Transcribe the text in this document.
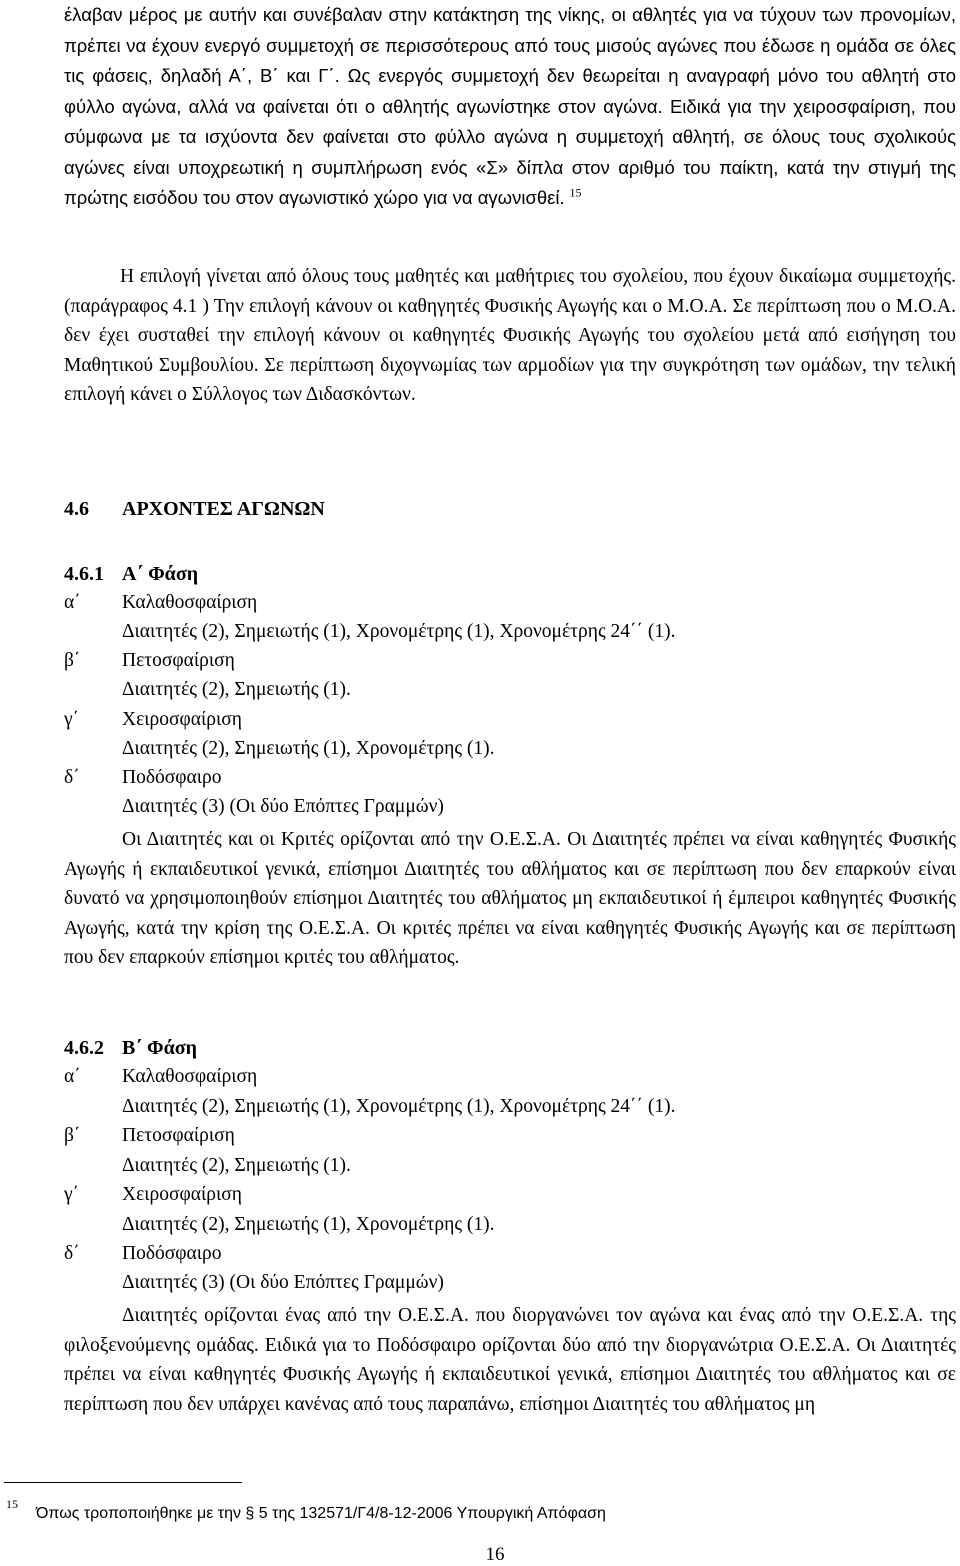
έλαβαν μέρος με αυτήν και συνέβαλαν στην κατάκτηση της νίκης, οι αθλητές για να τύχουν των προνομίων, πρέπει να έχουν ενεργό συμμετοχή σε περισσότερους από τους μισούς αγώνες που έδωσε η ομάδα σε όλες τις φάσεις, δηλαδή Α΄, Β΄ και Γ΄. Ως ενεργός συμμετοχή δεν θεωρείται η αναγραφή μόνο του αθλητή στο φύλλο αγώνα, αλλά να φαίνεται ότι ο αθλητής αγωνίστηκε στον αγώνα. Ειδικά για την χειροσφαίριση, που σύμφωνα με τα ισχύοντα δεν φαίνεται στο φύλλο αγώνα η συμμετοχή αθλητή, σε όλους τους σχολικούς αγώνες είναι υποχρεωτική η συμπλήρωση ενός «Σ» δίπλα στον αριθμό του παίκτη, κατά την στιγμή της πρώτης εισόδου του στον αγωνιστικό χώρο για να αγωνισθεί. $^{15}$
Η επιλογή γίνεται από όλους τους μαθητές και μαθήτριες του σχολείου, που έχουν δικαίωμα συμμετοχής. (παράγραφος 4.1 ) Την επιλογή κάνουν οι καθηγητές Φυσικής Αγωγής και ο Μ.Ο.Α. Σε περίπτωση που ο Μ.Ο.Α. δεν έχει συσταθεί την επιλογή κάνουν οι καθηγητές Φυσικής Αγωγής του σχολείου μετά από εισήγηση του Μαθητικού Συμβουλίου. Σε περίπτωση διχογνωμίας των αρμοδίων για την συγκρότηση των ομάδων, την τελική επιλογή κάνει ο Σύλλογος των Διδασκόντων.
4.6 ΑΡΧΟΝΤΕΣ ΑΓΩΝΩΝ
4.6.1 Α΄ Φάση
α΄ Καλαθοσφαίριση
Διαιτητές (2), Σημειωτής (1), Χρονομέτρης (1), Χρονομέτρης 24΄΄ (1).
β΄ Πετοσφαίριση
Διαιτητές (2), Σημειωτής (1).
γ΄ Χειροσφαίριση
Διαιτητές (2), Σημειωτής (1), Χρονομέτρης (1).
δ΄ Ποδόσφαιρο
Διαιτητές (3) (Οι δύο Επόπτες Γραμμών)
Οι Διαιτητές και οι Κριτές ορίζονται από την Ο.Ε.Σ.Α. Οι Διαιτητές πρέπει να είναι καθηγητές Φυσικής Αγωγής ή εκπαιδευτικοί γενικά, επίσημοι Διαιτητές του αθλήματος και σε περίπτωση που δεν επαρκούν είναι δυνατό να χρησιμοποιηθούν επίσημοι Διαιτητές του αθλήματος μη εκπαιδευτικοί ή έμπειροι καθηγητές Φυσικής Αγωγής, κατά την κρίση της Ο.Ε.Σ.Α. Οι κριτές πρέπει να είναι καθηγητές Φυσικής Αγωγής και σε περίπτωση που δεν επαρκούν επίσημοι κριτές του αθλήματος.
4.6.2 Β΄ Φάση
α΄ Καλαθοσφαίριση
Διαιτητές (2), Σημειωτής (1), Χρονομέτρης (1), Χρονομέτρης 24΄΄ (1).
β΄ Πετοσφαίριση
Διαιτητές (2), Σημειωτής (1).
γ΄ Χειροσφαίριση
Διαιτητές (2), Σημειωτής (1), Χρονομέτρης (1).
δ΄ Ποδόσφαιρο
Διαιτητές (3) (Οι δύο Επόπτες Γραμμών)
Διαιτητές ορίζονται ένας από την Ο.Ε.Σ.Α. που διοργανώνει τον αγώνα και ένας από την Ο.Ε.Σ.Α. της φιλοξενούμενης ομάδας. Ειδικά για το Ποδόσφαιρο ορίζονται δύο από την διοργανώτρια Ο.Ε.Σ.Α. Οι Διαιτητές πρέπει να είναι καθηγητές Φυσικής Αγωγής ή εκπαιδευτικοί γενικά, επίσημοι Διαιτητές του αθλήματος και σε περίπτωση που δεν υπάρχει κανένας από τους παραπάνω, επίσημοι Διαιτητές του αθλήματος μη
15
Όπως τροποποιήθηκε με την § 5 της 132571/Γ4/8-12-2006 Υπουργική Απόφαση
16
